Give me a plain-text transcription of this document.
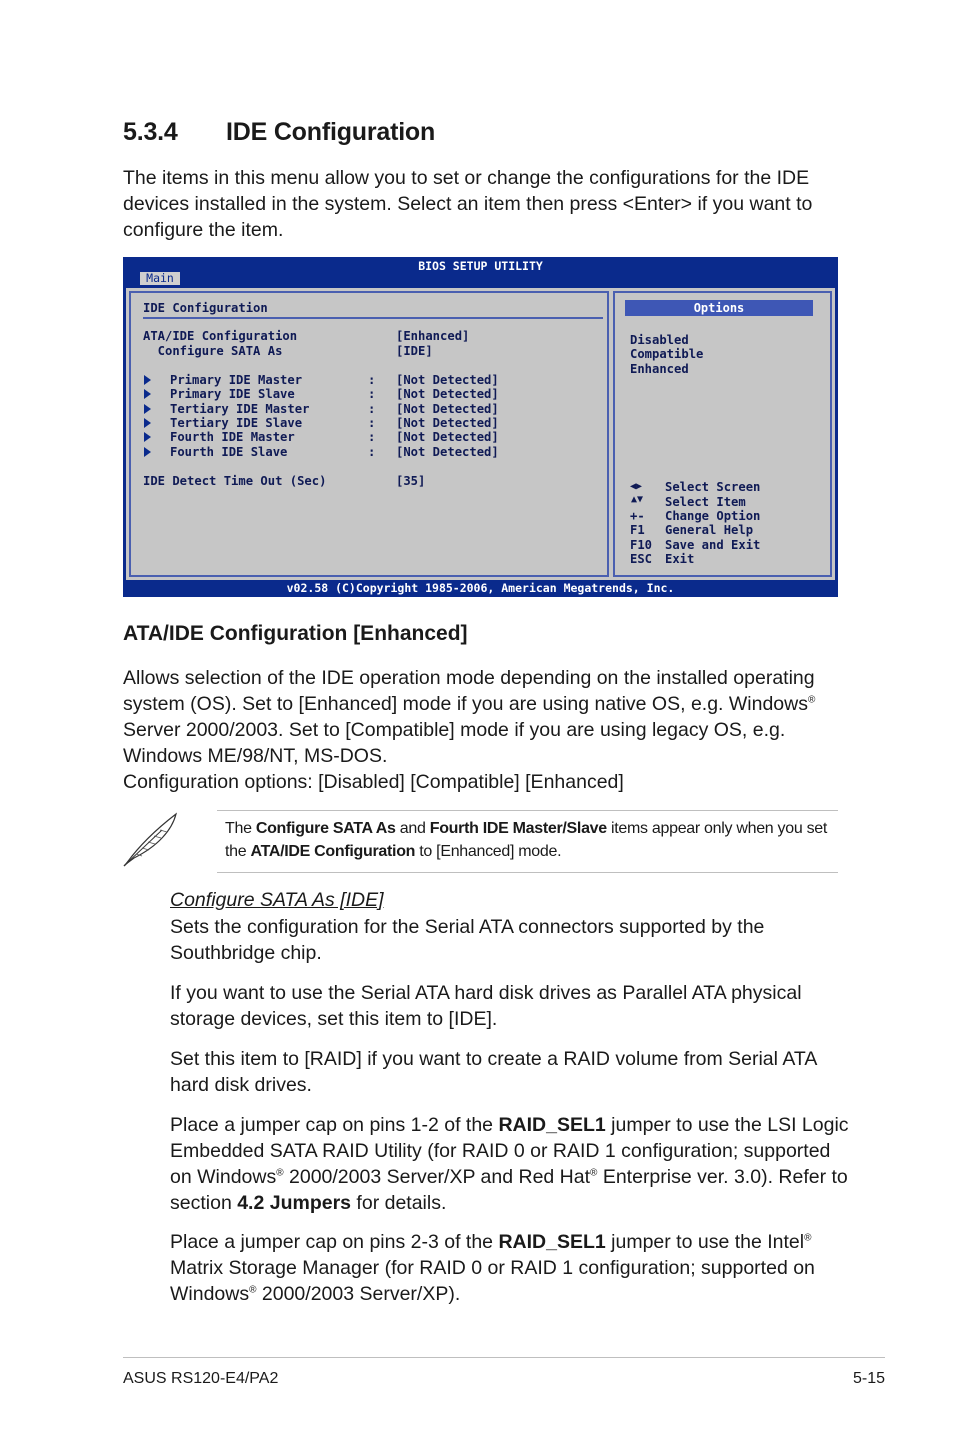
5.3.4 IDE Configuration
The items in this menu allow you to set or change the configurations for the IDE devices installed in the system. Select an item then press <Enter> if you want to configure the item.
BIOS SETUP UTILITY
Main
IDE Configuration
ATA/IDE Configuration	[Enhanced]
Configure SATA As	[IDE]
Primary IDE Master	: [Not Detected]
Primary IDE Slave	: [Not Detected]
Tertiary IDE Master	: [Not Detected]
Tertiary IDE Slave	: [Not Detected]
Fourth IDE Master	: [Not Detected]
Fourth IDE Slave	: [Not Detected]
IDE Detect Time Out (Sec)	[35]
Options
Disabled
Compatible
Enhanced
◀▶ Select Screen
▲▼ Select Item
+- Change Option
F1 General Help
F10 Save and Exit
ESC Exit
v02.58 (C)Copyright 1985-2006, American Megatrends, Inc.
ATA/IDE Configuration [Enhanced]
Allows selection of the IDE operation mode depending on the installed operating system (OS). Set to [Enhanced] mode if you are using native OS, e.g. Windows® Server 2000/2003. Set to [Compatible] mode if you are using legacy OS, e.g. Windows ME/98/NT, MS-DOS.
Configuration options: [Disabled] [Compatible] [Enhanced]
The Configure SATA As and Fourth IDE Master/Slave items appear only when you set the ATA/IDE Configuration to [Enhanced] mode.
Configure SATA As [IDE]
Sets the configuration for the Serial ATA connectors supported by the Southbridge chip.
If you want to use the Serial ATA hard disk drives as Parallel ATA physical storage devices, set this item to [IDE].
Set this item to [RAID] if you want to create a RAID volume from Serial ATA hard disk drives.
Place a jumper cap on pins 1-2 of the RAID_SEL1 jumper to use the LSI Logic Embedded SATA RAID Utility (for RAID 0 or RAID 1 configuration; supported on Windows® 2000/2003 Server/XP and Red Hat® Enterprise ver. 3.0). Refer to section 4.2 Jumpers for details.
Place a jumper cap on pins 2-3 of the RAID_SEL1 jumper to use the Intel® Matrix Storage Manager (for RAID 0 or RAID 1 configuration; supported on Windows® 2000/2003 Server/XP).
ASUS RS120-E4/PA2	5-15
